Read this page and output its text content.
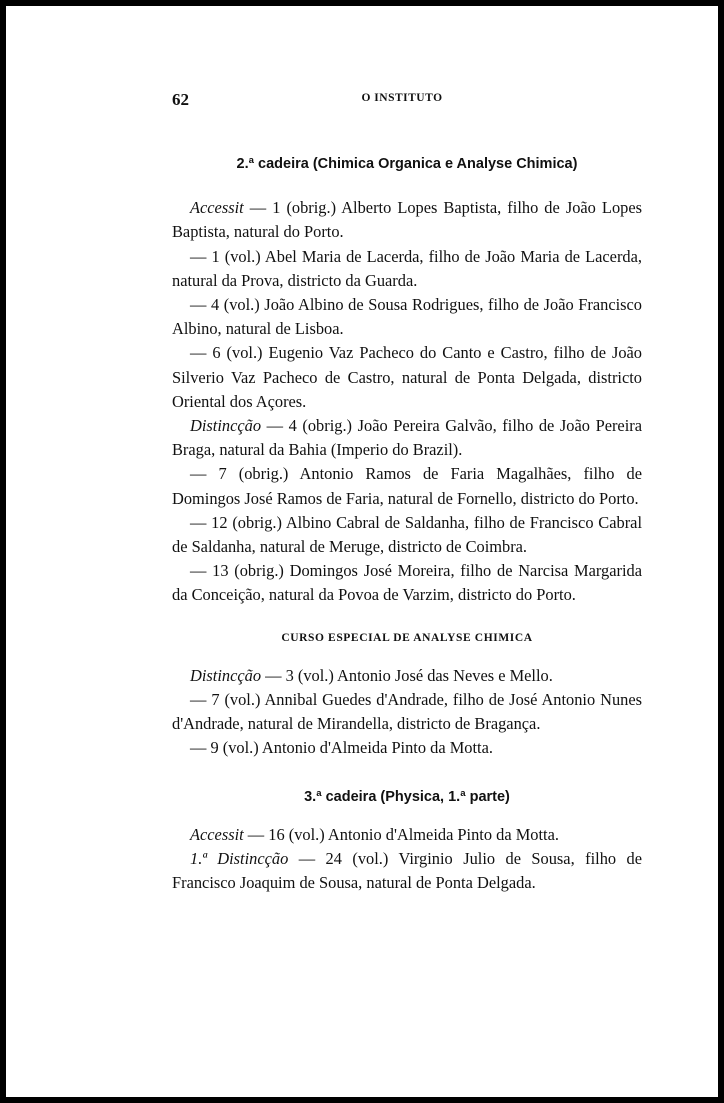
62	O INSTITUTO
2.ª cadeira (Chimica Organica e Analyse Chimica)

Accessit — 1 (obrig.) Alberto Lopes Baptista, filho de João Lopes Baptista, natural do Porto.

— 1 (vol.) Abel Maria de Lacerda, filho de João Maria de Lacerda, natural da Prova, districto da Guarda.

— 4 (vol.) João Albino de Sousa Rodrigues, filho de João Francisco Albino, natural de Lisboa.

— 6 (vol.) Eugenio Vaz Pacheco do Canto e Castro, filho de João Silverio Vaz Pacheco de Castro, natural de Ponta Delgada, districto Oriental dos Açores.

Distincção — 4 (obrig.) João Pereira Galvão, filho de João Pereira Braga, natural da Bahia (Imperio do Brazil).

— 7 (obrig.) Antonio Ramos de Faria Magalhães, filho de Domingos José Ramos de Faria, natural de Fornello, districto do Porto.

— 12 (obrig.) Albino Cabral de Saldanha, filho de Francisco Cabral de Saldanha, natural de Meruge, districto de Coimbra.

— 13 (obrig.) Domingos José Moreira, filho de Narcisa Margarida da Conceição, natural da Povoa de Varzim, districto do Porto.

CURSO ESPECIAL DE ANALYSE CHIMICA

Distincção — 3 (vol.) Antonio José das Neves e Mello.

— 7 (vol.) Annibal Guedes d'Andrade, filho de José Antonio Nunes d'Andrade, natural de Mirandella, districto de Bragança.

— 9 (vol.) Antonio d'Almeida Pinto da Motta.

3.ª cadeira (Physica, 1.ª parte)

Accessit — 16 (vol.) Antonio d'Almeida Pinto da Motta.

1.ª Distincção — 24 (vol.) Virginio Julio de Sousa, filho de Francisco Joaquim de Sousa, natural de Ponta Delgada.
